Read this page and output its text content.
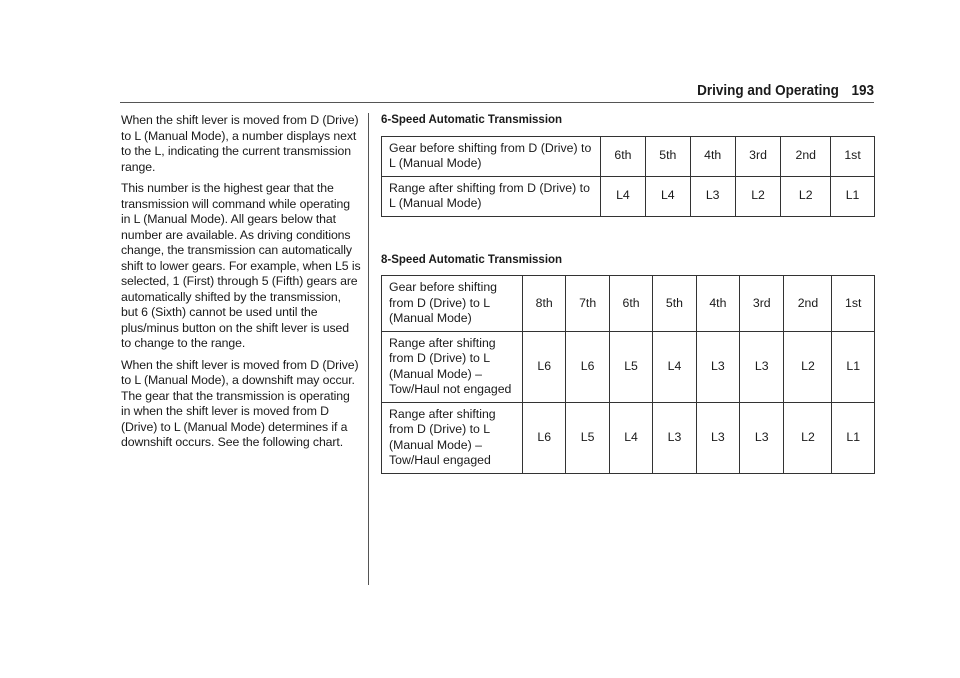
Driving and Operating 193

When the shift lever is moved from D (Drive) to L (Manual Mode), a number displays next to the L, indicating the current transmission range.

This number is the highest gear that the transmission will command while operating in L (Manual Mode). All gears below that number are available. As driving conditions change, the transmission can automatically shift to lower gears. For example, when L5 is selected, 1 (First) through 5 (Fifth) gears are automatically shifted by the transmission, but 6 (Sixth) cannot be used until the plus/minus button on the shift lever is used to change to the range.

When the shift lever is moved from D (Drive) to L (Manual Mode), a downshift may occur. The gear that the transmission is operating in when the shift lever is moved from D (Drive) to L (Manual Mode) determines if a downshift occurs. See the following chart.

6-Speed Automatic Transmission
Gear before shifting from D (Drive) to L (Manual Mode)	6th	5th	4th	3rd	2nd	1st
Range after shifting from D (Drive) to L (Manual Mode)	L4	L4	L3	L2	L2	L1
8-Speed Automatic Transmission
Gear before shifting from D (Drive) to L (Manual Mode)	8th	7th	6th	5th	4th	3rd	2nd	1st
Range after shifting from D (Drive) to L (Manual Mode) – Tow/Haul not engaged	L6	L6	L5	L4	L3	L3	L2	L1
Range after shifting from D (Drive) to L (Manual Mode) – Tow/Haul engaged	L6	L5	L4	L3	L3	L3	L2	L1
